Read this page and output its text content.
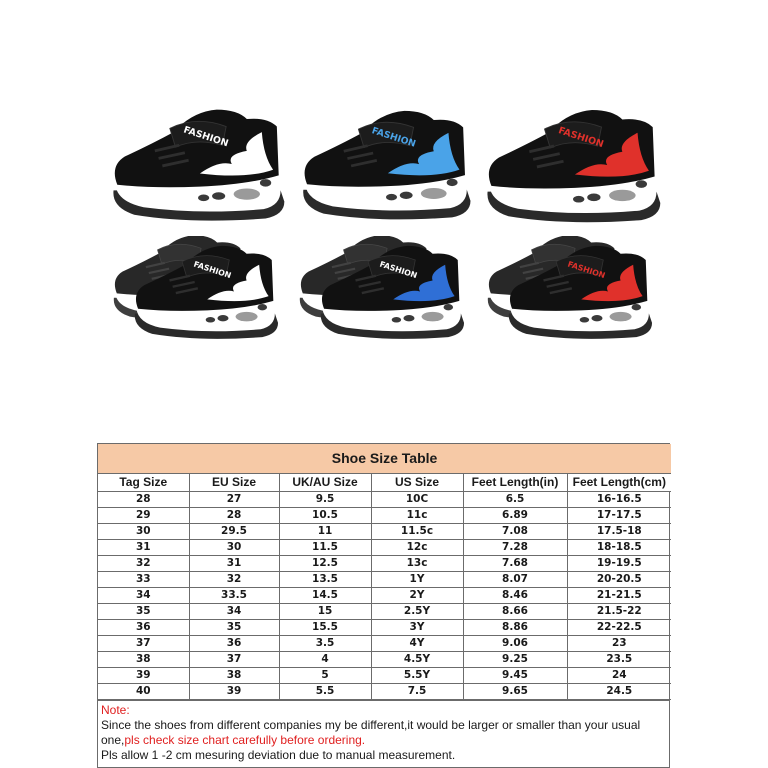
FASHION	FASHION	FASHION
FASHION	FASHION	FASHION
Shoe Size Table					
Tag Size	EU Size	UK/AU Size	US Size	Feet Length(in)	Feet Length(cm)
28	27	9.5	10C	6.5	16-16.5
29	28	10.5	11c	6.89	17-17.5
30	29.5	11	11.5c	7.08	17.5-18
31	30	11.5	12c	7.28	18-18.5
32	31	12.5	13c	7.68	19-19.5
33	32	13.5	1Y	8.07	20-20.5
34	33.5	14.5	2Y	8.46	21-21.5
35	34	15	2.5Y	8.66	21.5-22
36	35	15.5	3Y	8.86	22-22.5
37	36	3.5	4Y	9.06	23
38	37	4	4.5Y	9.25	23.5
39	38	5	5.5Y	9.45	24
40	39	5.5	7.5	9.65	24.5
Note:
Since the shoes from different companies my be different,it would be larger or smaller than your usual
one,pls check size chart carefully before ordering.
Pls allow 1 -2 cm mesuring deviation due to manual measurement.
